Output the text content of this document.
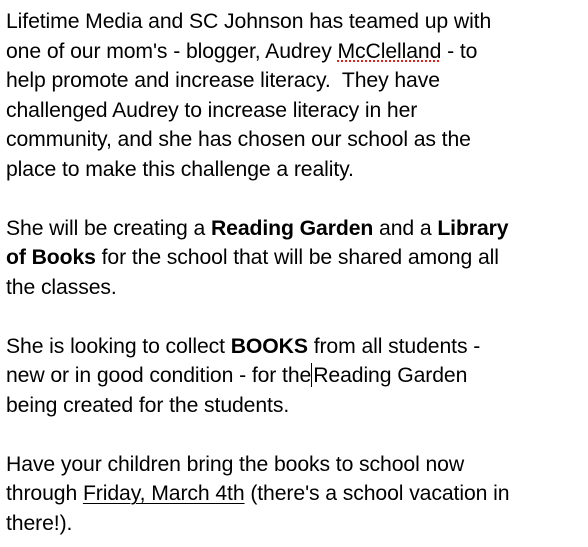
Lifetime Media and SC Johnson has teamed up with
one of our mom's - blogger, Audrey McClelland - to
help promote and increase literacy.  They have
challenged Audrey to increase literacy in her
community, and she has chosen our school as the
place to make this challenge a reality.
She will be creating a Reading Garden and a Library
of Books for the school that will be shared among all
the classes.
She is looking to collect BOOKS from all students -
new or in good condition - for theReading Garden
being created for the students.
Have your children bring the books to school now
through Friday, March 4th (there's a school vacation in
there!).
